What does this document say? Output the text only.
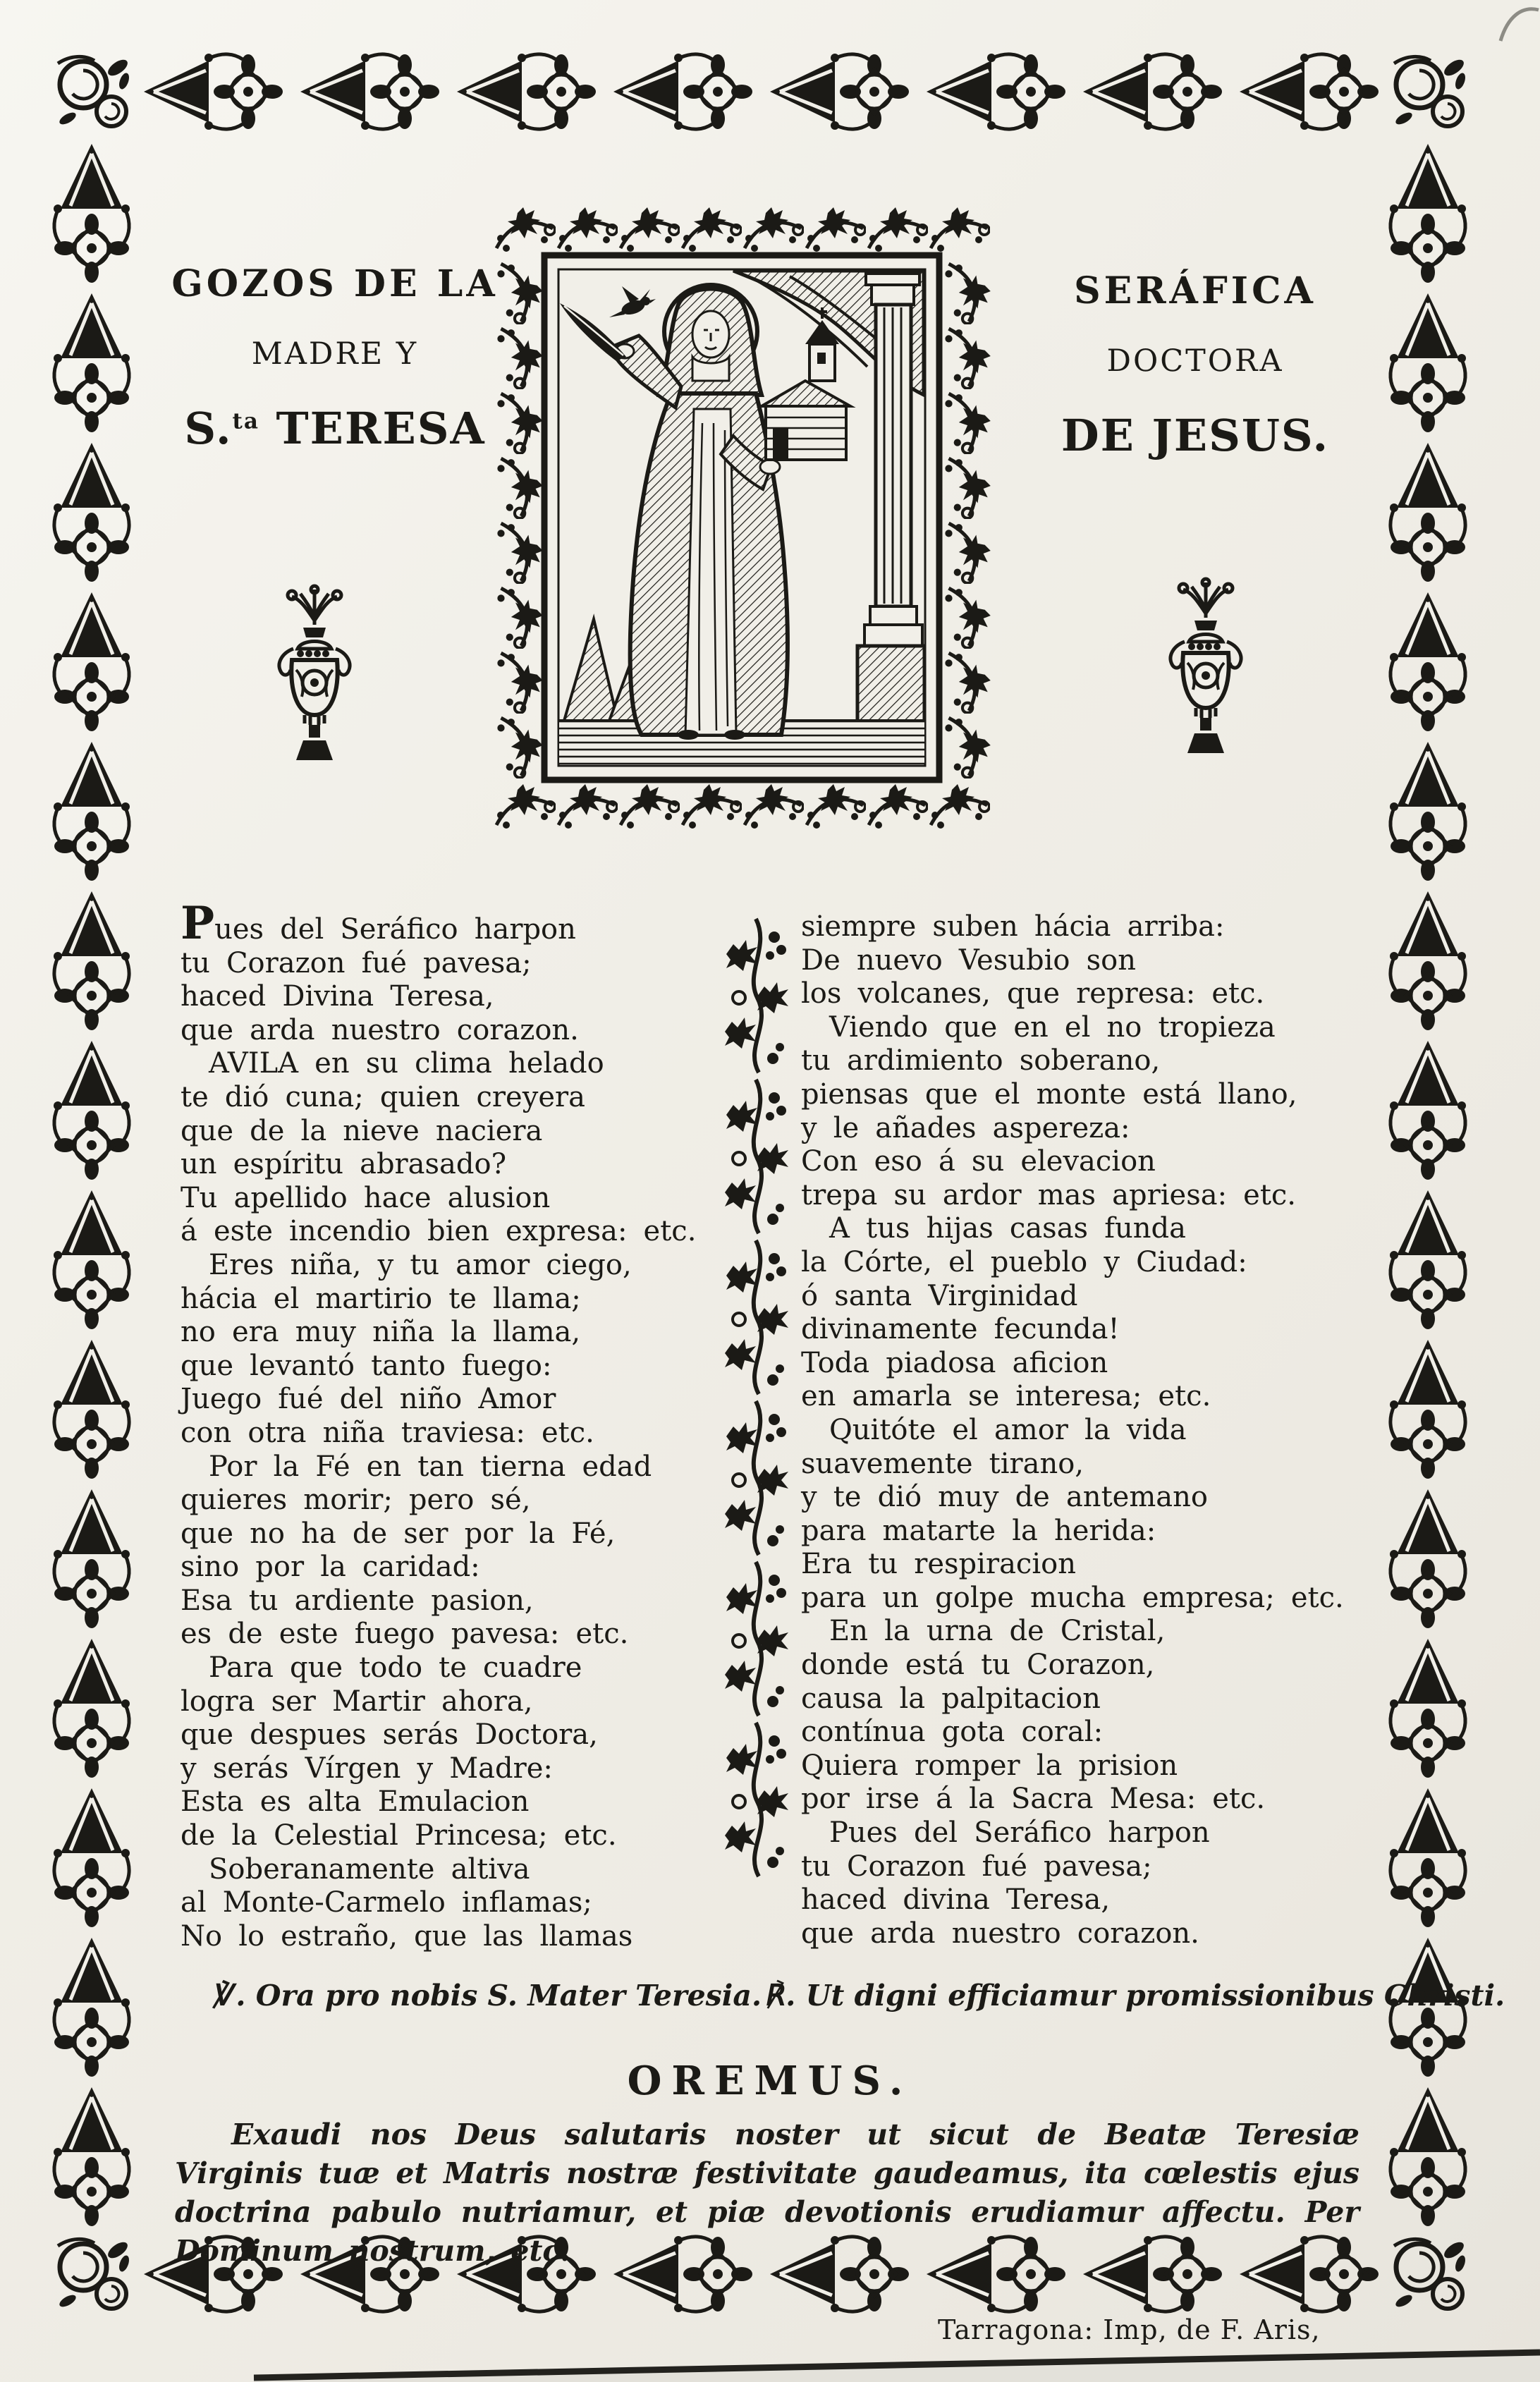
GOZOS DE LA
MADRE Y
S.$^{ta}$ TERESA
SERÁFICA
DOCTORA
DE JESUS.
Pues del Seráfico harpon
tu Corazon fué pavesa;
haced Divina Teresa,
que arda nuestro corazon.
 AVILA en su clima helado
te dió cuna; quien creyera
que de la nieve naciera
un espíritu abrasado?
Tu apellido hace alusion
á este incendio bien expresa: etc.
 Eres niña, y tu amor ciego,
hácia el martirio te llama;
no era muy niña la llama,
que levantó tanto fuego:
Juego fué del niño Amor
con otra niña traviesa: etc.
 Por la Fé en tan tierna edad
quieres morir; pero sé,
que no ha de ser por la Fé,
sino por la caridad:
Esa tu ardiente pasion,
es de este fuego pavesa: etc.
 Para que todo te cuadre
logra ser Martir ahora,
que despues serás Doctora,
y serás Vírgen y Madre:
Esta es alta Emulacion
de la Celestial Princesa; etc.
 Soberanamente altiva
al Monte-Carmelo inflamas;
No lo estraño, que las llamas
siempre suben hácia arriba:
De nuevo Vesubio son
los volcanes, que represa: etc.
 Viendo que en el no tropieza
tu ardimiento soberano,
piensas que el monte está llano,
y le añades aspereza:
Con eso á su elevacion
trepa su ardor mas apriesa: etc.
 A tus hijas casas funda
la Córte, el pueblo y Ciudad:
ó santa Virginidad
divinamente fecunda!
Toda piadosa aficion
en amarla se interesa; etc.
 Quitóte el amor la vida
suavemente tirano,
y te dió muy de antemano
para matarte la herida:
Era tu respiracion
para un golpe mucha empresa; etc.
 En la urna de Cristal,
donde está tu Corazon,
causa la palpitacion
contínua gota coral:
Quiera romper la prision
por irse á la Sacra Mesa: etc.
 Pues del Seráfico harpon
tu Corazon fué pavesa;
haced divina Teresa,
que arda nuestro corazon.
℣. Ora pro nobis S. Mater Teresia. ℟. Ut digni efficiamur promissionibus Christi.
OREMUS.
Exaudi nos Deus salutaris noster ut sicut de Beatæ Teresiæ Virginis tuæ et Matris nostræ festivitate gaudeamus, ita cœlestis ejus doctrina pabulo nutriamur, et piæ devotionis erudiamur affectu. Per Dominum nostrum, etc.
Tarragona: Imp, de F. Aris,
